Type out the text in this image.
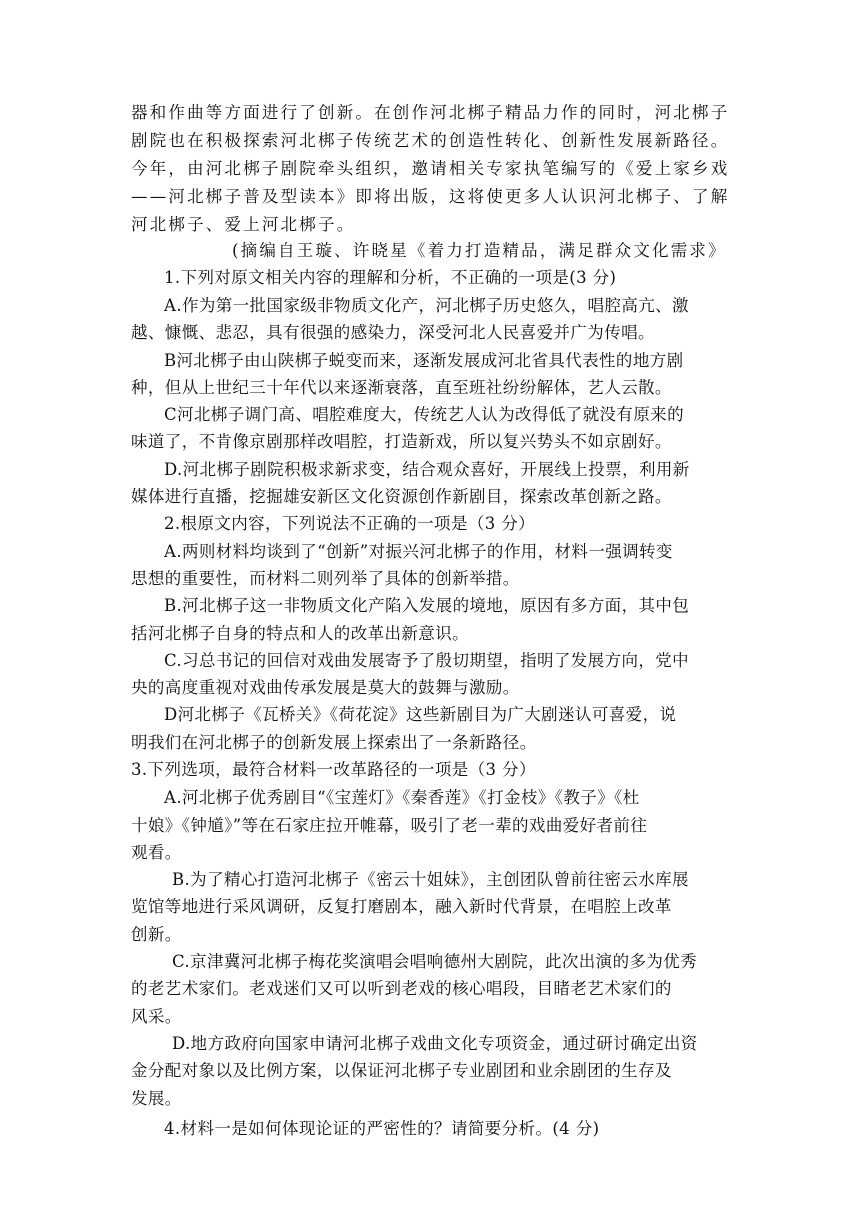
器和作曲等方面进行了创新。在创作河北梆子精品力作的同时，河北梆子
剧院也在积极探索河北梆子传统艺术的创造性转化、创新性发展新路径。
今年，由河北梆子剧院牵头组织，邀请相关专家执笔编写的《爱上家乡戏
——河北梆子普及型读本》即将出版，这将使更多人认识河北梆子、了解
河北梆子、爱上河北梆子。
(摘编自王璇、许晓星《着力打造精品，满足群众文化需求》
1.下列对原文相关内容的理解和分析，不正确的一项是(3 分)
A.作为第一批国家级非物质文化产，河北梆子历史悠久，唱腔高亢、激
越、慷慨、悲忍，具有很强的感染力，深受河北人民喜爱并广为传唱。
B河北梆子由山陕梆子蜕变而来，逐渐发展成河北省具代表性的地方剧
种，但从上世纪三十年代以来逐渐衰落，直至班社纷纷解体，艺人云散。
C河北梆子调门高、唱腔难度大，传统艺人认为改得低了就没有原来的
味道了，不肯像京剧那样改唱腔，打造新戏，所以复兴势头不如京剧好。
D.河北梆子剧院积极求新求变，结合观众喜好，开展线上投票，利用新
媒体进行直播，挖掘雄安新区文化资源创作新剧目，探索改革创新之路。
2.根原文内容，下列说法不正确的一项是（3 分）
A.两则材料均谈到了“创新”对振兴河北梆子的作用，材料一强调转变
思想的重要性，而材料二则列举了具体的创新举措。
B.河北梆子这一非物质文化产陷入发展的境地，原因有多方面，其中包
括河北梆子自身的特点和人的改革出新意识。
C.习总书记的回信对戏曲发展寄予了殷切期望，指明了发展方向，党中
央的高度重视对戏曲传承发展是莫大的鼓舞与激励。
D河北梆子《瓦桥关》《荷花淀》这些新剧目为广大剧迷认可喜爱，说
明我们在河北梆子的创新发展上探索出了一条新路径。
3.下列选项，最符合材料一改革路径的一项是（3 分）
A.河北梆子优秀剧目“《宝莲灯》《秦香莲》《打金枝》《教子》《杜
十娘》《钟馗》”等在石家庄拉开帷幕，吸引了老一辈的戏曲爱好者前往
观看。
B.为了精心打造河北梆子《密云十姐妹》，主创团队曾前往密云水库展
览馆等地进行采风调研，反复打磨剧本，融入新时代背景，在唱腔上改革
创新。
C.京津冀河北梆子梅花奖演唱会唱响德州大剧院，此次出演的多为优秀
的老艺术家们。老戏迷们又可以听到老戏的核心唱段，目睹老艺术家们的
风采。
D.地方政府向国家申请河北梆子戏曲文化专项资金，通过研讨确定出资
金分配对象以及比例方案，以保证河北梆子专业剧团和业余剧团的生存及
发展。
4.材料一是如何体现论证的严密性的？请简要分析。(4 分)
